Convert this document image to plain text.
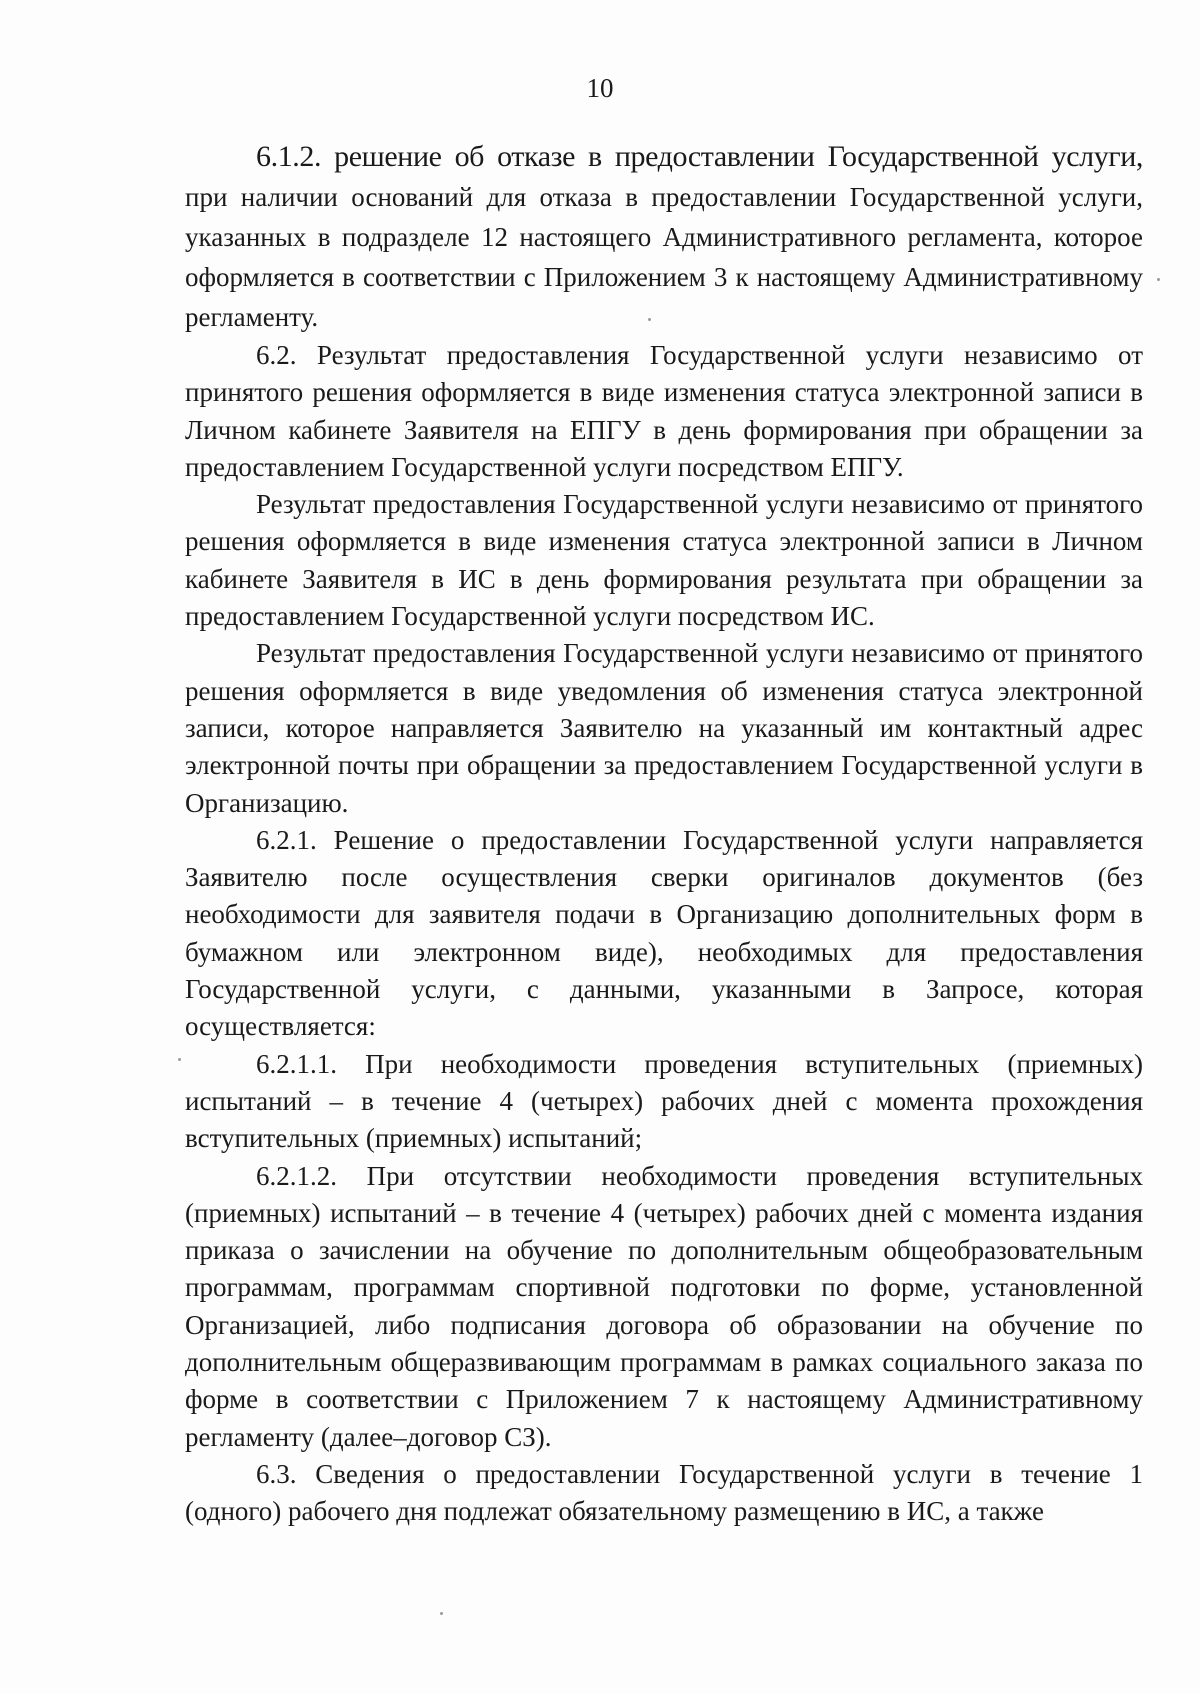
10

6.1.2. решение об отказе в предоставлении Государственной услуги, при наличии оснований для отказа в предоставлении Государственной услуги, указанных в подразделе 12 настоящего Административного регламента, которое оформляется в соответствии с Приложением 3 к настоящему Административному регламенту.

6.2. Результат предоставления Государственной услуги независимо от принятого решения оформляется в виде изменения статуса электронной записи в Личном кабинете Заявителя на ЕПГУ в день формирования при обращении за предоставлением Государственной услуги посредством ЕПГУ.

Результат предоставления Государственной услуги независимо от принятого решения оформляется в виде изменения статуса электронной записи в Личном кабинете Заявителя в ИС в день формирования результата при обращении за предоставлением Государственной услуги посредством ИС.

Результат предоставления Государственной услуги независимо от принятого решения оформляется в виде уведомления об изменения статуса электронной записи, которое направляется Заявителю на указанный им контактный адрес электронной почты при обращении за предоставлением Государственной услуги в Организацию.

6.2.1. Решение о предоставлении Государственной услуги направляется Заявителю после осуществления сверки оригиналов документов (без необходимости для заявителя подачи в Организацию дополнительных форм в бумажном или электронном виде), необходимых для предоставления Государственной услуги, с данными, указанными в Запросе, которая осуществляется:

6.2.1.1. При необходимости проведения вступительных (приемных) испытаний – в течение 4 (четырех) рабочих дней с момента прохождения вступительных (приемных) испытаний;

6.2.1.2. При отсутствии необходимости проведения вступительных (приемных) испытаний – в течение 4 (четырех) рабочих дней с момента издания приказа о зачислении на обучение по дополнительным общеобразовательным программам, программам спортивной подготовки по форме, установленной Организацией, либо подписания договора об образовании на обучение по дополнительным общеразвивающим программам в рамках социального заказа по форме в соответствии с Приложением 7 к настоящему Административному регламенту (далее–договор СЗ).

6.3. Сведения о предоставлении Государственной услуги в течение 1 (одного) рабочего дня подлежат обязательному размещению в ИС, а также
